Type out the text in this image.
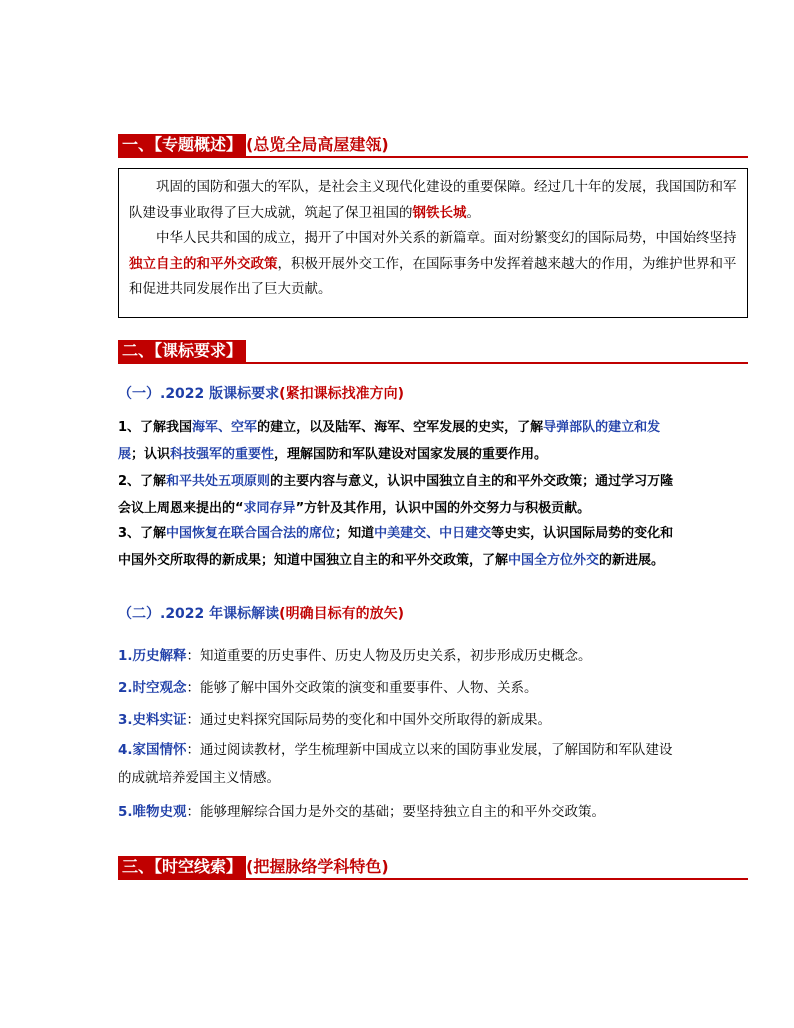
一、【专题概述】 (总览全局高屋建瓴)

巩固的国防和强大的军队，是社会主义现代化建设的重要保障。经过几十年的发展，我国国防和军队建设事业取得了巨大成就，筑起了保卫祖国的钢铁长城。

中华人民共和国的成立，揭开了中国对外关系的新篇章。面对纷繁变幻的国际局势，中国始终坚持独立自主的和平外交政策，积极开展外交工作，在国际事务中发挥着越来越大的作用，为维护世界和平和促进共同发展作出了巨大贡献。

二、【课标要求】
（一）.2022 版课标要求(紧扣课标找准方向)

1、了解我国海军、空军的建立，以及陆军、海军、空军发展的史实，了解导弹部队的建立和发展；认识科技强军的重要性，理解国防和军队建设对国家发展的重要作用。

2、了解和平共处五项原则的主要内容与意义，认识中国独立自主的和平外交政策；通过学习万隆会议上周恩来提出的“求同存异”方针及其作用，认识中国的外交努力与积极贡献。

3、了解中国恢复在联合国合法的席位；知道中美建交、中日建交等史实，认识国际局势的变化和中国外交所取得的新成果；知道中国独立自主的和平外交政策，了解中国全方位外交的新进展。

（二）.2022 年课标解读(明确目标有的放矢)

1.历史解释：知道重要的历史事件、历史人物及历史关系，初步形成历史概念。

2.时空观念：能够了解中国外交政策的演变和重要事件、人物、关系。

3.史料实证：通过史料探究国际局势的变化和中国外交所取得的新成果。

4.家国情怀：通过阅读教材，学生梳理新中国成立以来的国防事业发展，了解国防和军队建设的成就培养爱国主义情感。

5.唯物史观：能够理解综合国力是外交的基础；要坚持独立自主的和平外交政策。

三、【时空线索】 (把握脉络学科特色)
